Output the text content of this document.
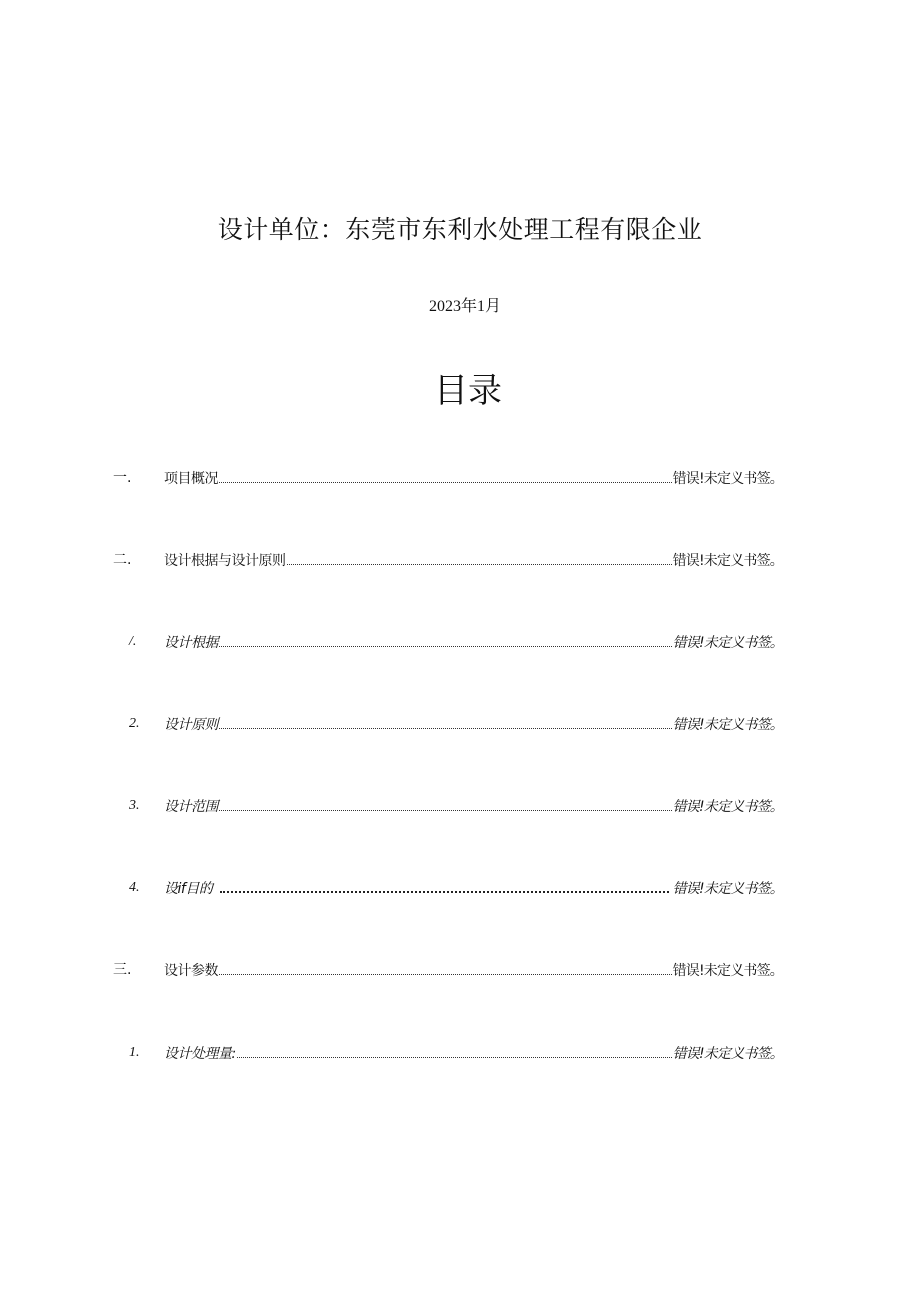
设计单位：东莞市东利水处理工程有限企业
2023年1月
目录
一. 项目概况	错误!未定义书签。
二. 设计根据与设计原则	错误!未定义书签。
/. 设计根据	错误!未定义书签。
2. 设计原则	错误!未定义书签。
3. 设计范围	错误!未定义书签。
4. 设if目的	错误!未定义书签。
三. 设计参数	错误!未定义书签。
1. 设计处理量:	错误!未定义书签。
